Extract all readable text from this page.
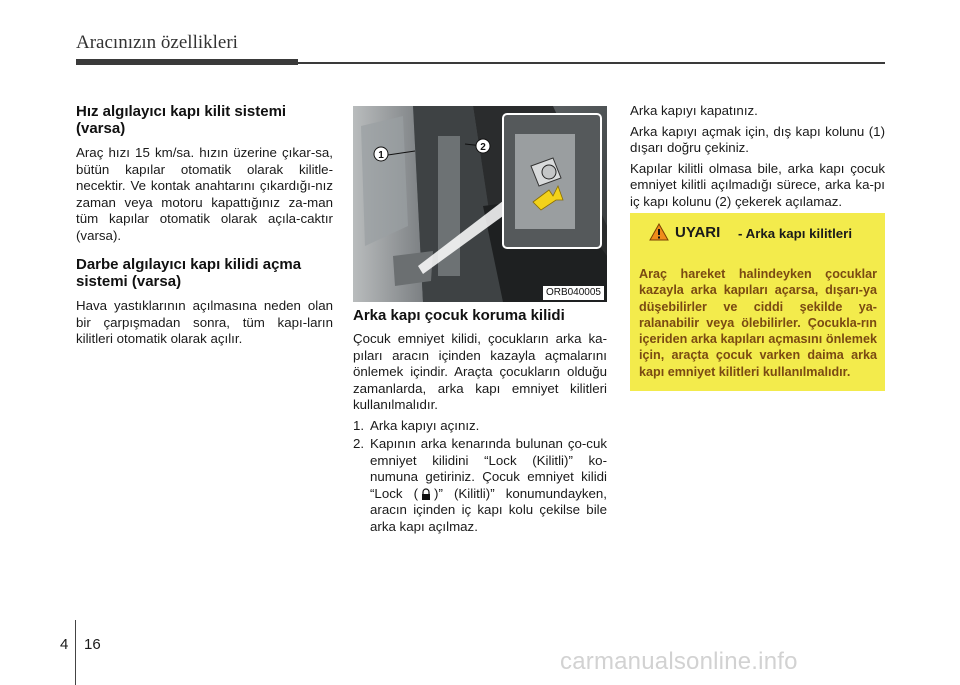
Aracınızın özellikleri
Hız algılayıcı kapı kilit sistemi (varsa)

Araç hızı 15 km/sa. hızın üzerine çıkar-sa, bütün kapılar otomatik olarak kilitle-necektir. Ve kontak anahtarını çıkardığı-nız zaman veya motoru kapattığınız za-man tüm kapılar otomatik olarak açıla-caktır (varsa).

Darbe algılayıcı kapı kilidi açma sistemi (varsa)

Hava yastıklarının açılmasına neden olan bir çarpışmadan sonra, tüm kapı-ların kilitleri otomatik olarak açılır.

1
2
ORB040005
Arka kapı çocuk koruma kilidi

Çocuk emniyet kilidi, çocukların arka ka-pıları aracın içinden kazayla açmalarını önlemek içindir. Araçta çocukların olduğu zamanlarda, arka kapı emniyet kilitleri kullanılmalıdır.

1. Arka kapıyı açınız.
2. Kapının arka kenarında bulunan ço-cuk emniyet kilidini “Lock (Kilitli)” ko-numuna getiriniz. Çocuk emniyet kilidi “Lock ( )” (Kilitli)” konumundayken, aracın içinden iç kapı kolu çekilse bile arka kapı açılmaz.

Arka kapıyı kapatınız.

Arka kapıyı açmak için, dış kapı kolunu (1) dışarı doğru çekiniz.

Kapılar kilitli olmasa bile, arka kapı çocuk emniyet kilitli açılmadığı sürece, arka ka-pı iç kapı kolunu (2) çekerek açılamaz.

UYARI - Arka kapı kilitleri
Araç hareket halindeyken çocuklar kazayla arka kapıları açarsa, dışarı-ya düşebilirler ve ciddi şekilde ya-ralanabilir veya ölebilirler. Çocukla-rın içeriden arka kapıları açmasını önlemek için, araçta çocuk varken daima arka kapı emniyet kilitleri kullanılmalıdır.
4 16
carmanualsonline.info
